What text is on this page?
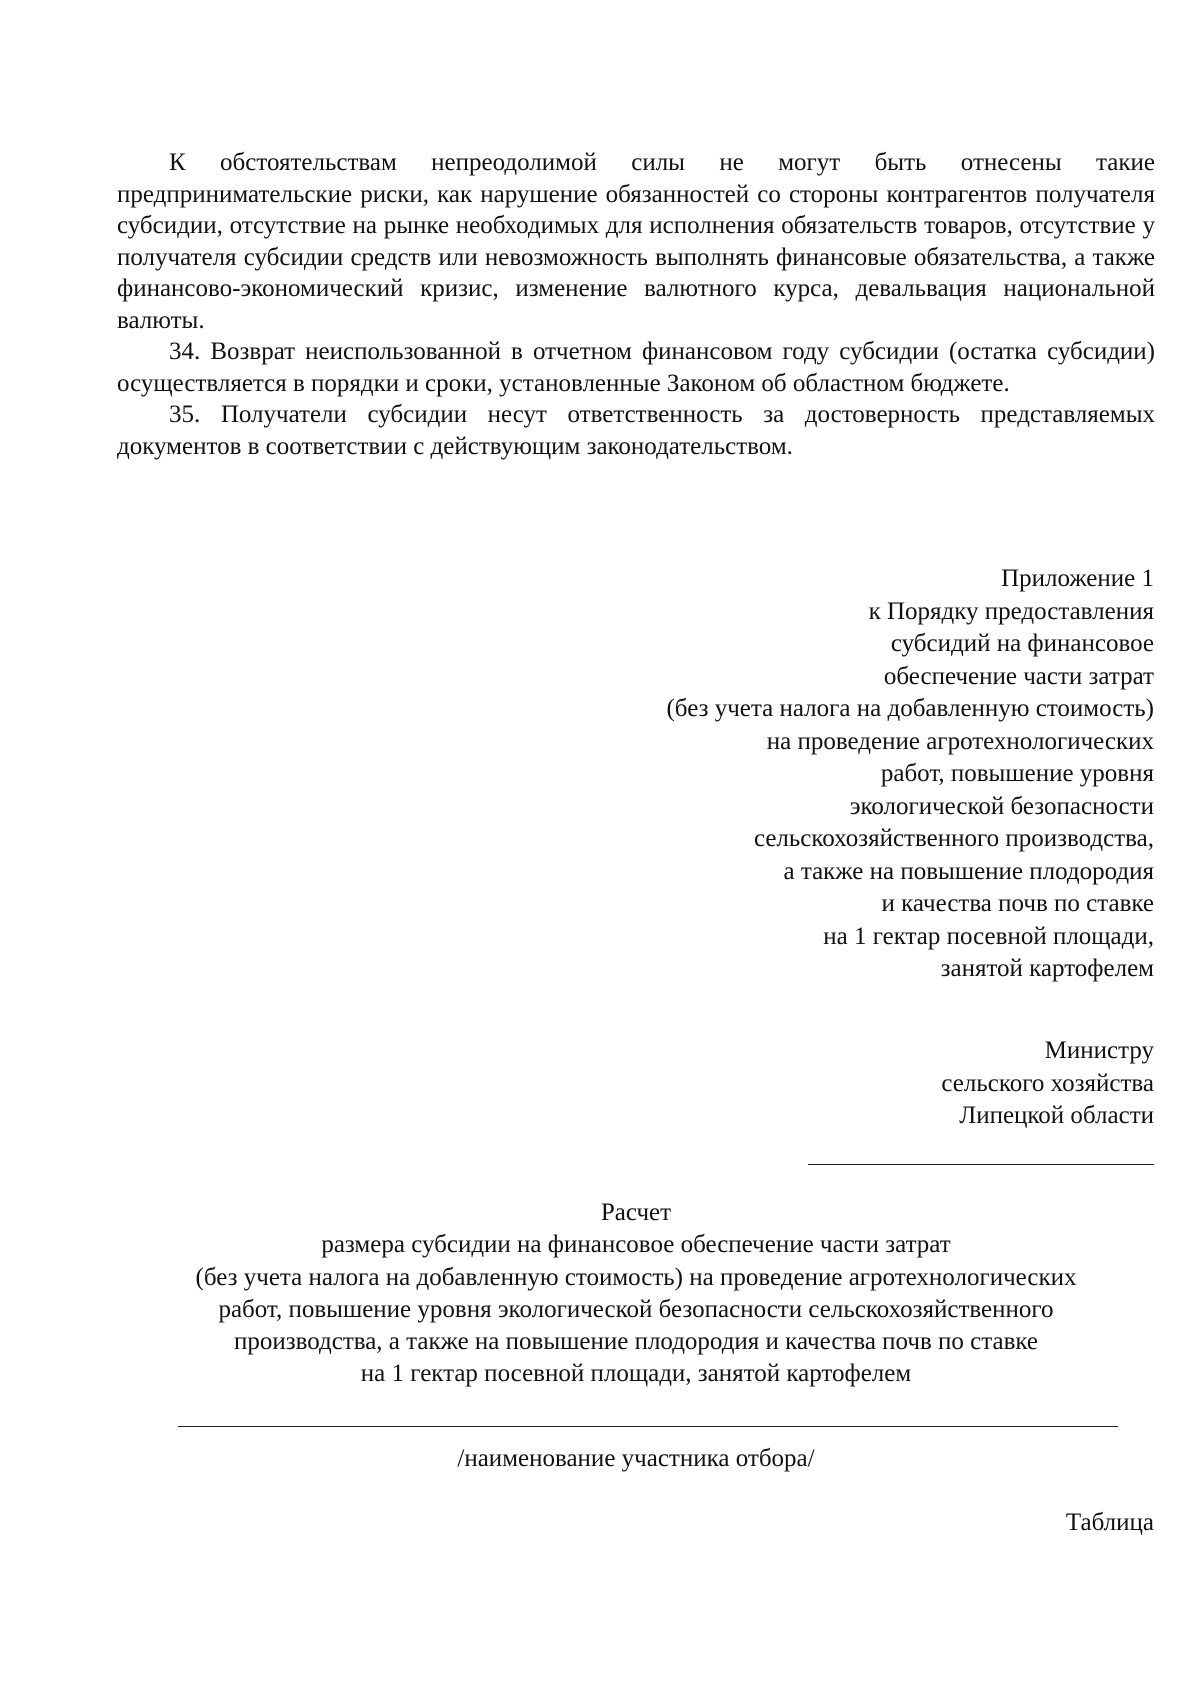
К обстоятельствам непреодолимой силы не могут быть отнесены такие предпринимательские риски, как нарушение обязанностей со стороны контрагентов получателя субсидии, отсутствие на рынке необходимых для исполнения обязательств товаров, отсутствие у получателя субсидии средств или невозможность выполнять финансовые обязательства, а также финансово-экономический кризис, изменение валютного курса, девальвация национальной валюты.

34. Возврат неиспользованной в отчетном финансовом году субсидии (остатка субсидии) осуществляется в порядки и сроки, установленные Законом об областном бюджете.

35. Получатели субсидии несут ответственность за достоверность представляемых документов в соответствии с действующим законодательством.

Приложение 1
к Порядку предоставления
субсидий на финансовое
обеспечение части затрат
(без учета налога на добавленную стоимость)
на проведение агротехнологических
работ, повышение уровня
экологической безопасности
сельскохозяйственного производства,
а также на повышение плодородия
и качества почв по ставке
на 1 гектар посевной площади,
занятой картофелем
Министру
сельского хозяйства
Липецкой области
Расчет
размера субсидии на финансовое обеспечение части затрат
(без учета налога на добавленную стоимость) на проведение агротехнологических
работ, повышение уровня экологической безопасности сельскохозяйственного
производства, а также на повышение плодородия и качества почв по ставке
на 1 гектар посевной площади, занятой картофелем
/наименование участника отбора/
Таблица
